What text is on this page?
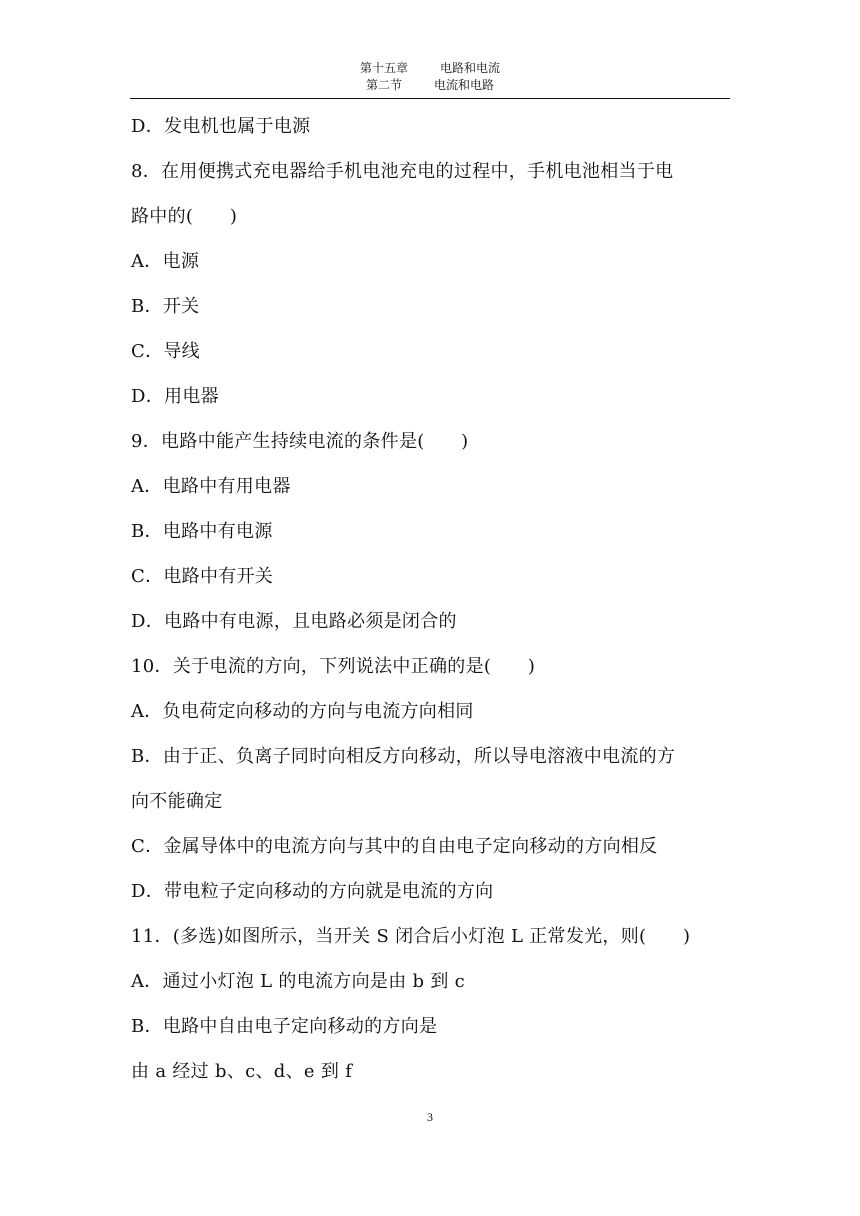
第十五章	电路和电流
第二节	电流和电路
D．发电机也属于电源
8．在用便携式充电器给手机电池充电的过程中，手机电池相当于电
路中的(　　)
A．电源
B．开关
C．导线
D．用电器
9．电路中能产生持续电流的条件是(　　)
A．电路中有用电器
B．电路中有电源
C．电路中有开关
D．电路中有电源，且电路必须是闭合的
10．关于电流的方向，下列说法中正确的是(　　)
A．负电荷定向移动的方向与电流方向相同
B．由于正、负离子同时向相反方向移动，所以导电溶液中电流的方
向不能确定
C．金属导体中的电流方向与其中的自由电子定向移动的方向相反
D．带电粒子定向移动的方向就是电流的方向
11．(多选)如图所示，当开关 S 闭合后小灯泡 L 正常发光，则(　　)
A．通过小灯泡 L 的电流方向是由 b 到 c
B．电路中自由电子定向移动的方向是
由 a 经过 b、c、d、e 到 f
3
